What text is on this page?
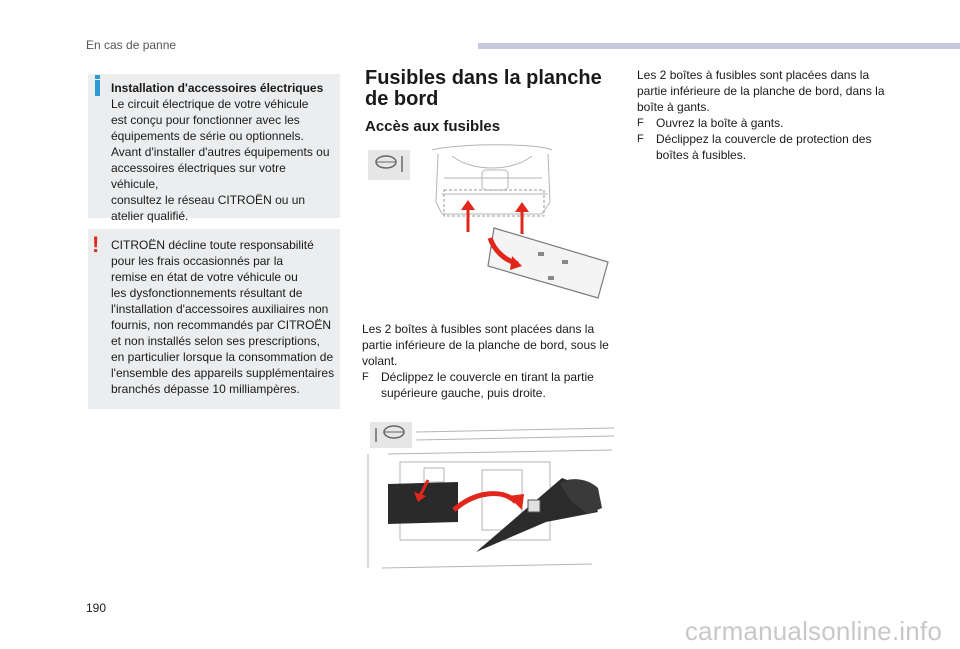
En cas de panne
Installation d'accessoires électriques
Le circuit électrique de votre véhicule
est conçu pour fonctionner avec les
équipements de série ou optionnels.
Avant d'installer d'autres équipements ou
accessoires électriques sur votre véhicule,
consultez le réseau CITROËN ou un
atelier qualifié.
! CITROËN décline toute responsabilité
pour les frais occasionnés par la
remise en état de votre véhicule ou
les dysfonctionnements résultant de
l'installation d'accessoires auxiliaires non
fournis, non recommandés par CITROËN
et non installés selon ses prescriptions,
en particulier lorsque la consommation de
l'ensemble des appareils supplémentaires
branchés dépasse 10 milliampères.
Fusibles dans la planche de bord
Accès aux fusibles
Les 2 boîtes à fusibles sont placées dans la partie inférieure de la planche de bord, sous le volant.
F Déclippez le couvercle en tirant la partie supérieure gauche, puis droite.
Les 2 boîtes à fusibles sont placées dans la partie inférieure de la planche de bord, dans la boîte à gants.
F Ouvrez la boîte à gants.
F Déclippez la couvercle de protection des boîtes à fusibles.
190
carmanualsonline.info
